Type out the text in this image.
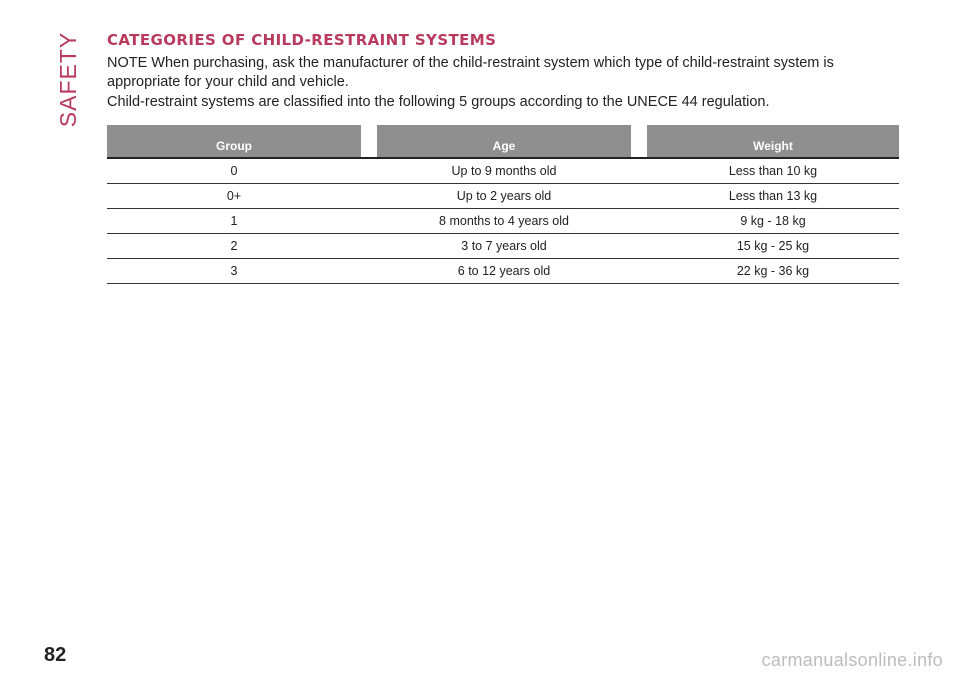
SAFETY CATEGORIES OF CHILD-RESTRAINT SYSTEMS

NOTE When purchasing, ask the manufacturer of the child-restraint system which type of child-restraint system is appropriate for your child and vehicle.

Child-restraint systems are classified into the following 5 groups according to the UNECE 44 regulation.

Group	Age	Weight
0	Up to 9 months old	Less than 10 kg
0+	Up to 2 years old	Less than 13 kg
1	8 months to 4 years old	9 kg - 18 kg
2	3 to 7 years old	15 kg - 25 kg
3	6 to 12 years old	22 kg - 36 kg
82	carmanualsonline.info
